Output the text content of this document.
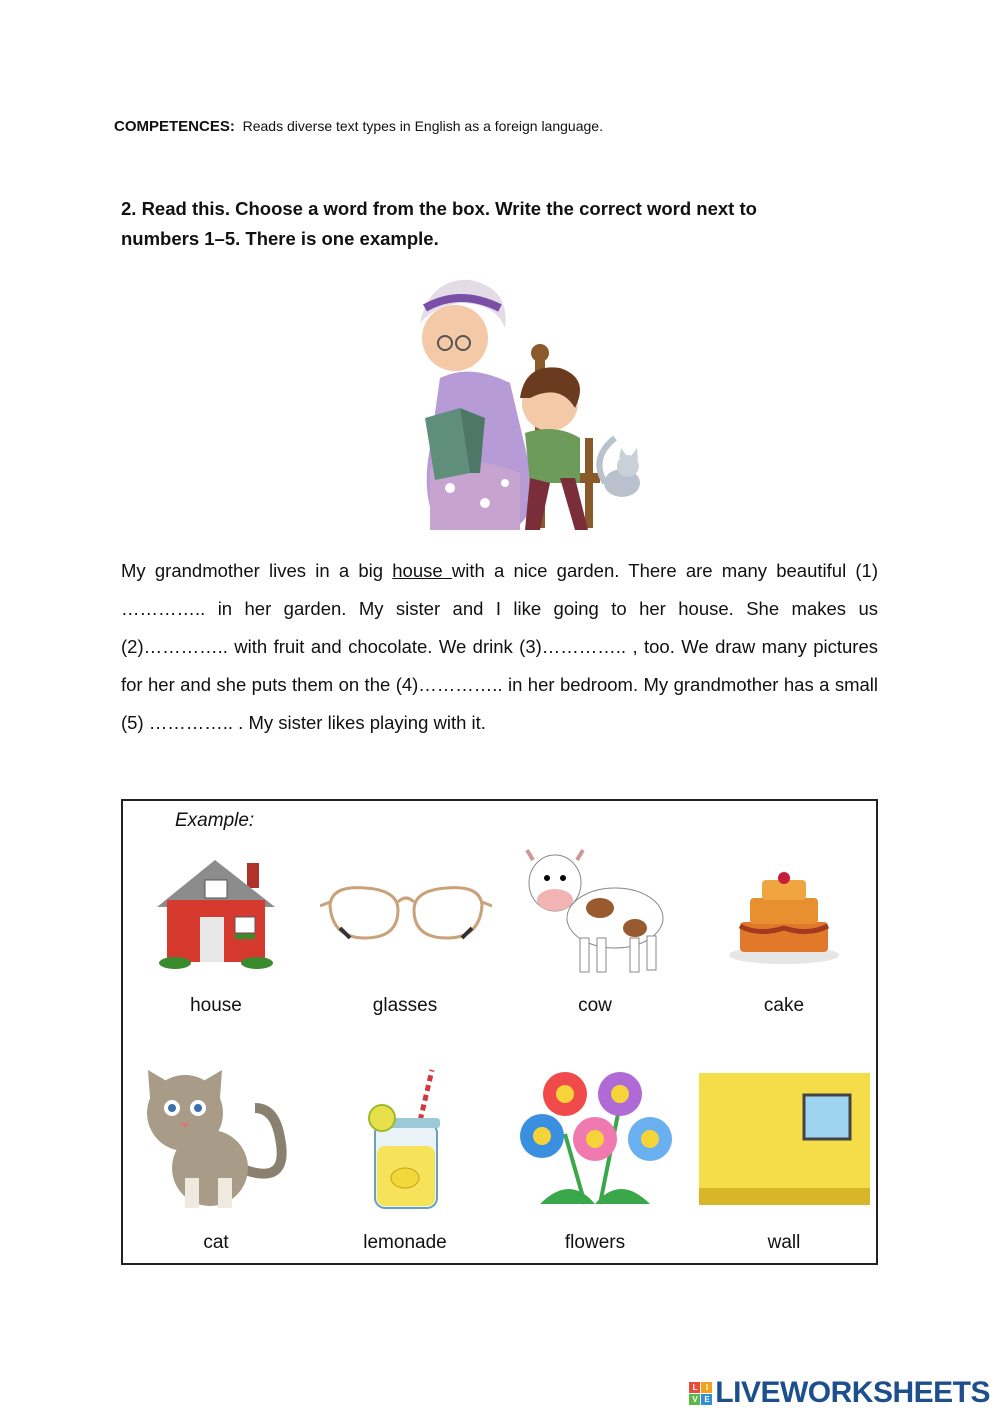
COMPETENCES: Reads diverse text types in English as a foreign language.
2. Read this. Choose a word from the box. Write the correct word next to
numbers 1–5. There is one example.
My grandmother lives in a big house with a nice garden. There are many beautiful (1) ………….. in her garden. My sister and I like going to her house. She makes us (2)………….. with fruit and chocolate. We drink (3)………….. , too. We draw many pictures for her and she puts them on the (4)………….. in her bedroom. My grandmother has a small (5) ………….. . My sister likes playing with it.
Example:
house	glasses	cow	cake
cat	lemonade	flowers	wall
L	I
V E LIVEWORKSHEETS
